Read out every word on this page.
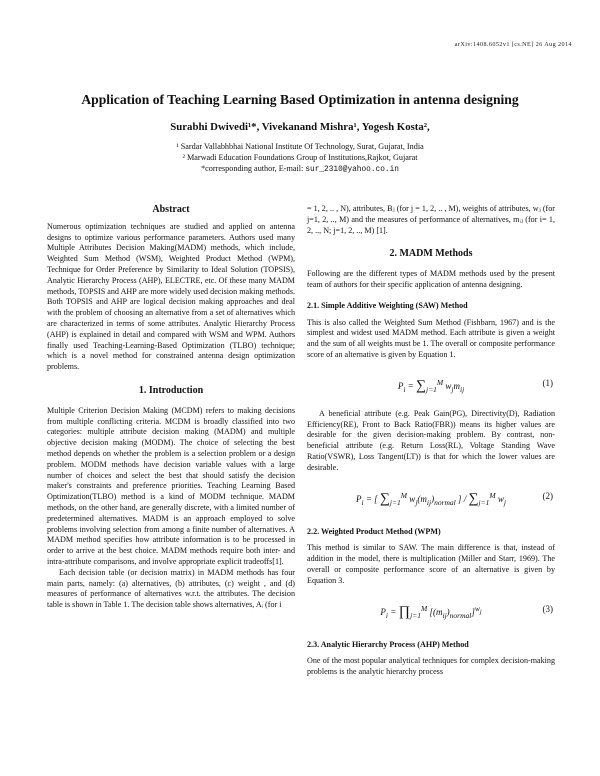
arXiv:1408.6052v1 [cs.NE] 26 Aug 2014
Application of Teaching Learning Based Optimization in antenna designing
Surabhi Dwivedi¹*, Vivekanand Mishra¹, Yogesh Kosta²,
¹ Sardar Vallabhbhai National Institute Of Technology, Surat, Gujarat, India
² Marwadi Education Foundations Group of Institutions,Rajkot, Gujarat
*corresponding author, E-mail: sur_2310@yahoo.co.in
Abstract

Numerous optimization techniques are studied and applied on antenna designs to optimize various performance parameters. Authors used many Multiple Attributes Decision Making(MADM) methods, which include, Weighted Sum Method (WSM), Weighted Product Method (WPM), Technique for Order Preference by Similarity to Ideal Solution (TOPSIS), Analytic Hierarchy Process (AHP), ELECTRE, etc. Of these many MADM methods, TOPSIS and AHP are more widely used decision making methods. Both TOPSIS and AHP are logical decision making approaches and deal with the problem of choosing an alternative from a set of alternatives which are characterized in terms of some attributes. Analytic Hierarchy Process (AHP) is explained in detail and compared with WSM and WPM. Authors finally used Teaching-Learning-Based Optimization (TLBO) technique; which is a novel method for constrained antenna design optimization problems.

1. Introduction

Multiple Criterion Decision Making (MCDM) refers to making decisions from multiple conflicting criteria. MCDM is broadly classified into two categories: multiple attribute decision making (MADM) and multiple objective decision making (MODM). The choice of selecting the best method depends on whether the problem is a selection problem or a design problem. MODM methods have decision variable values with a large number of choices and select the best that should satisfy the decision maker's constraints and preference priorities. Teaching Learning Based Optimization(TLBO) method is a kind of MODM technique. MADM methods, on the other hand, are generally discrete, with a limited number of predetermined alternatives. MADM is an approach employed to solve problems involving selection from among a finite number of alternatives. A MADM method specifies how attribute information is to be processed in order to arrive at the best choice. MADM methods require both inter- and intra-attribute comparisons, and involve appropriate explicit tradeoffs[1].

Each decision table (or decision matrix) in MADM methods has four main parts, namely: (a) alternatives, (b) attributes, (c) weight , and (d) measures of performance of alternatives w.r.t. the attributes. The decision table is shown in Table 1. The decision table shows alternatives, Aᵢ (for i

= 1, 2, .. , N), attributes, Bⱼ (for j = 1, 2, .. , M), weights of attributes, wⱼ (for j=1, 2, .., M) and the measures of performance of alternatives, mᵢⱼ (for i= 1, 2, .., N; j=1, 2, .., M) [1].

2. MADM Methods

Following are the different types of MADM methods used by the present team of authors for their specific application of antenna designing.

2.1. Simple Additive Weighting (SAW) Method

This is also called the Weighted Sum Method (Fishbarn, 1967) and is the simplest and widest used MADM method. Each attribute is given a weight and the sum of all weights must be 1. The overall or composite performance score of an alternative is given by Equation 1.

$P_i = \sum_{j=1}^M$ $w_jm_{ij}$
(1)

A beneficial attribute (e.g. Peak Gain(PG), Directivity(D), Radiation Efficiency(RE), Front to Back Ratio(FBR)) means its higher values are desirable for the given decision-making problem. By contrast, non-beneficial attribute (e.g. Return Loss(RL), Voltage Standing Wave Ratio(VSWR), Loss Tangent(LT)) is that for which the lower values are desirable.

$P_i$ = [ $\sum_{j=1}^M$ $w_j(m_{ij})_{normal}$ ] / $\sum_{j=1}^M$ $w_j$
(2)
2.2. Weighted Product Method (WPM)

This method is similar to SAW. The main difference is that, instead of addition in the model, there is multiplication (Miller and Starr, 1969). The overall or composite performance score of an alternative is given by Equation 3.

$P_i$ = $\prod_{j=1}^M$ $[(m_{ij})_{normal}]^{w_j}$	(3)
2.3. Analytic Hierarchy Process (AHP) Method

One of the most popular analytical techniques for complex decision-making problems is the analytic hierarchy process
